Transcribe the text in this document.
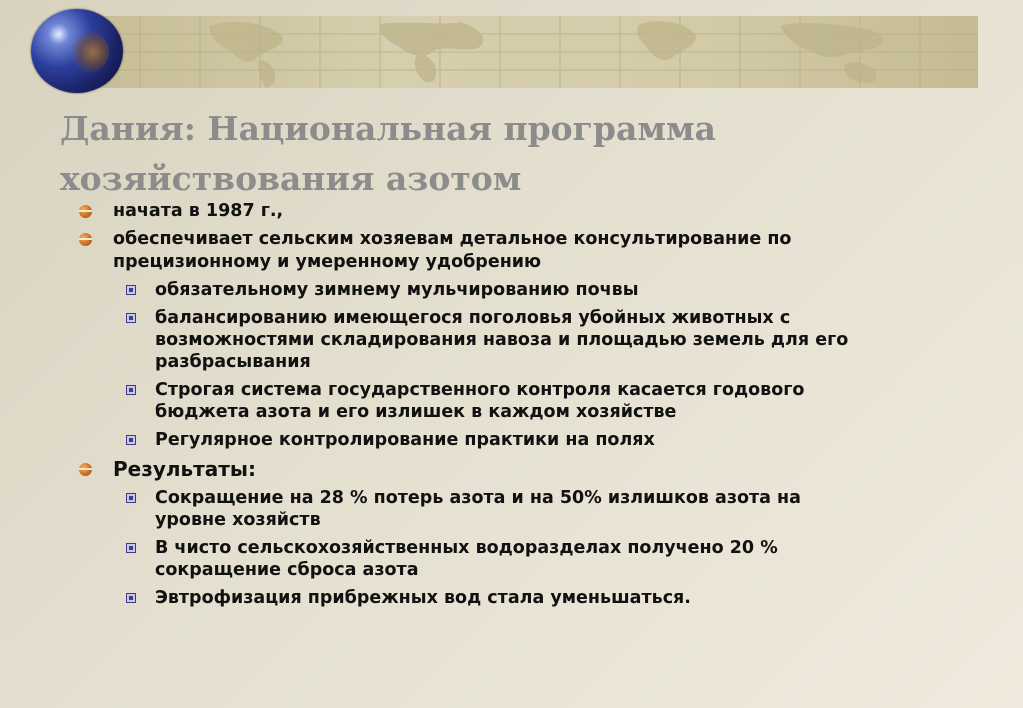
Дания: Национальная программа
хозяйствования азотом
начата в 1987 г.,
обеспечивает сельским хозяевам детальное консультирование по
прецизионному и умеренному удобрению
обязательному зимнему мульчированию почвы
балансированию имеющегося поголовья убойных животных с
возможностями складирования навоза и площадью земель для его
разбрасывания
Строгая система государственного контроля касается годового
бюджета азота и его излишек в каждом хозяйстве
Регулярное контролирование практики на полях
Результаты:
Сокращение на 28 % потерь азота и на 50% излишков азота на
уровне хозяйств
В чисто сельскохозяйственных водоразделах получено 20 %
сокращение сброса азота
Эвтрофизация прибрежных вод стала уменьшаться.
